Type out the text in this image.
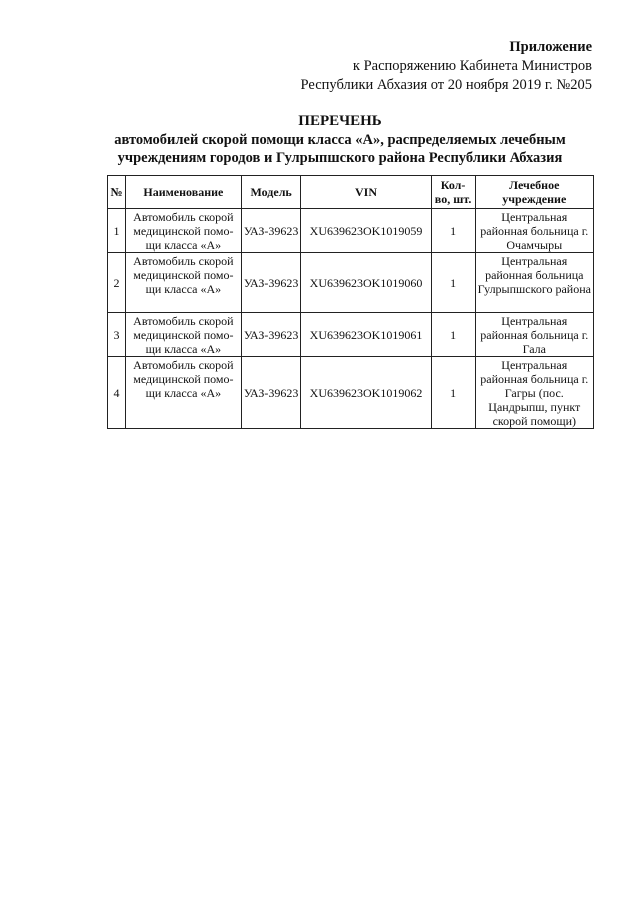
Приложение
к Распоряжению Кабинета Министров
Республики Абхазия от 20 ноября 2019 г. №205
ПЕРЕЧЕНЬ
автомобилей скорой помощи класса «А», распределяемых лечебным
учреждениям городов и Гулрыпшского района Республики Абхазия
№	Наименование	Модель	VIN	Кол-во, шт.	Лечебное учреждение
1	Автомобиль скорой медицинской помо-щи класса «А»	УАЗ-39623	XU639623OK1019059	1	Центральная районная больница г. Очамчыры
2	Автомобиль скорой медицинской помо-щи класса «А»	УАЗ-39623	XU639623OK1019060	1	Центральная районная больница Гулрыпшского района
3	Автомобиль скорой медицинской помо-щи класса «А»	УАЗ-39623	XU639623OK1019061	1	Центральная районная больница г. Гала
4	Автомобиль скорой медицинской помо-щи класса «А»	УАЗ-39623	XU639623OK1019062	1	Центральная районная больница г. Гагры (пос. Цандрыпш, пункт скорой помощи)
